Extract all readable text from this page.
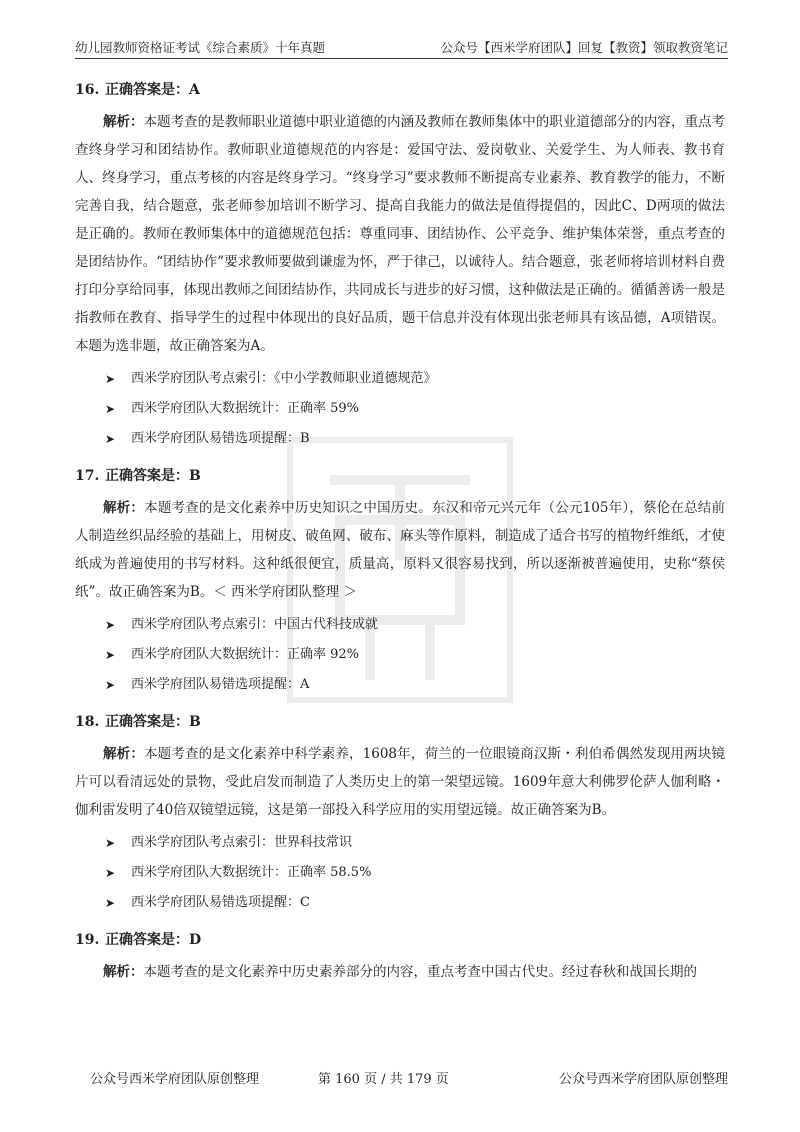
幼儿园教师资格证考试《综合素质》十年真题	公众号【西米学府团队】回复【教资】领取教资笔记
16. 正确答案是：A

解析：本题考查的是教师职业道德中职业道德的内涵及教师在教师集体中的职业道德部分的内容，重点考查终身学习和团结协作。教师职业道德规范的内容是：爱国守法、爱岗敬业、关爱学生、为人师表、教书育人、终身学习，重点考核的内容是终身学习。“终身学习”要求教师不断提高专业素养、教育教学的能力，不断完善自我，结合题意，张老师参加培训不断学习、提高自我能力的做法是值得提倡的，因此C、D两项的做法是正确的。教师在教师集体中的道德规范包括：尊重同事、团结协作、公平竞争、维护集体荣誉，重点考查的是团结协作。“团结协作”要求教师要做到谦虚为怀，严于律己，以诚待人。结合题意，张老师将培训材料自费打印分享给同事，体现出教师之间团结协作，共同成长与进步的好习惯，这种做法是正确的。循循善诱一般是指教师在教育、指导学生的过程中体现出的良好品质，题干信息并没有体现出张老师具有该品德，A项错误。本题为选非题，故正确答案为A。

➤ 西米学府团队考点索引：《中小学教师职业道德规范》
➤ 西米学府团队大数据统计：正确率 59%
➤ 西米学府团队易错选项提醒：B
17. 正确答案是：B

解析：本题考查的是文化素养中历史知识之中国历史。东汉和帝元兴元年（公元105年），蔡伦在总结前人制造丝织品经验的基础上，用树皮、破鱼网、破布、麻头等作原料，制造成了适合书写的植物纤维纸，才使纸成为普遍使用的书写材料。这种纸很便宜，质量高，原料又很容易找到，所以逐渐被普遍使用，史称“蔡侯纸”。故正确答案为B。＜ 西米学府团队整理 ＞

➤ 西米学府团队考点索引：中国古代科技成就
➤ 西米学府团队大数据统计：正确率 92%
➤ 西米学府团队易错选项提醒：A
18. 正确答案是：B

解析：本题考查的是文化素养中科学素养，1608年，荷兰的一位眼镜商汉斯・利伯希偶然发现用两块镜片可以看清远处的景物，受此启发而制造了人类历史上的第一架望远镜。1609年意大利佛罗伦萨人伽利略・伽利雷发明了40倍双镜望远镜，这是第一部投入科学应用的实用望远镜。故正确答案为B。

➤ 西米学府团队考点索引：世界科技常识
➤ 西米学府团队大数据统计：正确率 58.5%
➤ 西米学府团队易错选项提醒：C
19. 正确答案是：D

解析：本题考查的是文化素养中历史素养部分的内容，重点考查中国古代史。经过春秋和战国长期的

公众号西米学府团队原创整理	第 160 页 / 共 179 页	公众号西米学府团队原创整理
